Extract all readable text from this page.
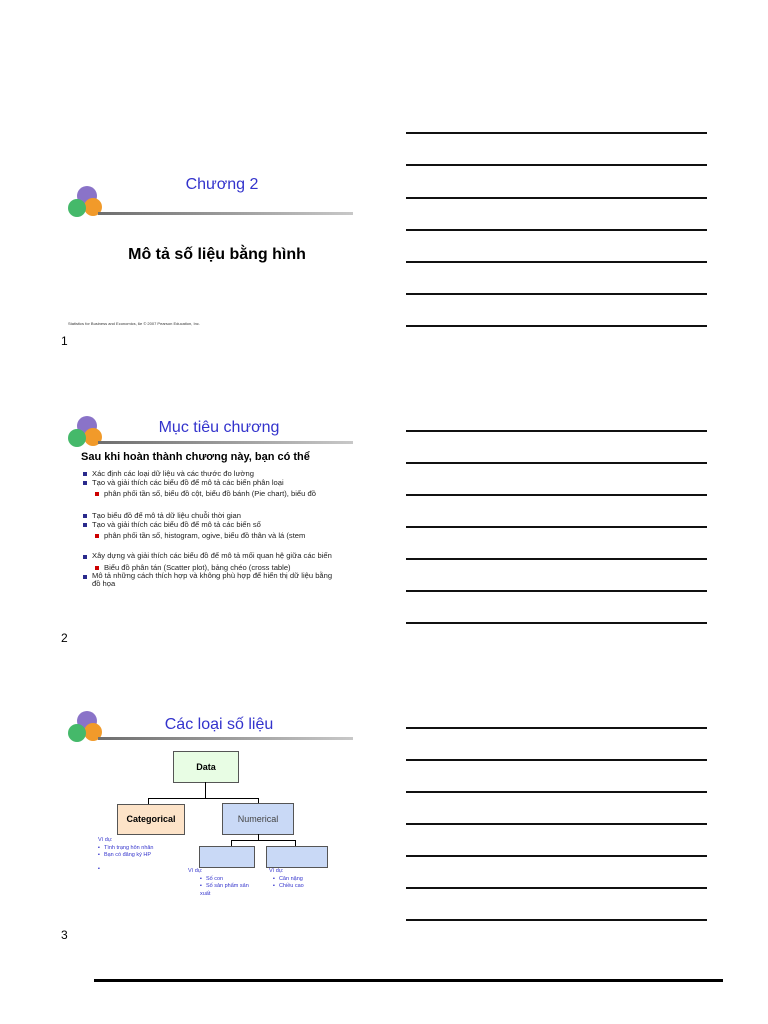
Chương 2
Mô tả số liệu bằng hình
Statistics for Business and Economics, 6e © 2007 Pearson Education, Inc.
1
Mục tiêu chương
Sau khi hoàn thành chương này, bạn có thể
Xác định các loại dữ liệu và các thước đo lường
Tạo và giải thích các biểu đồ để mô tả các biến phân loại
phân phối tần số, biểu đồ cột, biểu đồ bánh (Pie chart), biểu đồ
Tạo biểu đồ để mô tả dữ liệu chuỗi thời gian
Tạo và giải thích các biểu đồ để mô tả các biến số
phân phối tần số, histogram, ogive, biểu đồ thân và lá (stem
Xây dựng và giải thích các biểu đồ để mô tả mối quan hệ giữa các biến
Biểu đồ phân tán (Scatter plot), bảng chéo (cross table)
Mô tả những cách thích hợp và không phù hợp để hiển thị dữ liệu bằng đồ họa
2
Các loại số liệu
Data
Categorical	Numerical
Ví dụ:
▪ Tình trạng hôn nhân
▪ Bạn có đăng ký HP
▪
Ví dụ:
▪ Số con
▪ Số sản phẩm sản xuất
Ví dụ:
▪ Cân nặng
▪ Chiều cao
3
